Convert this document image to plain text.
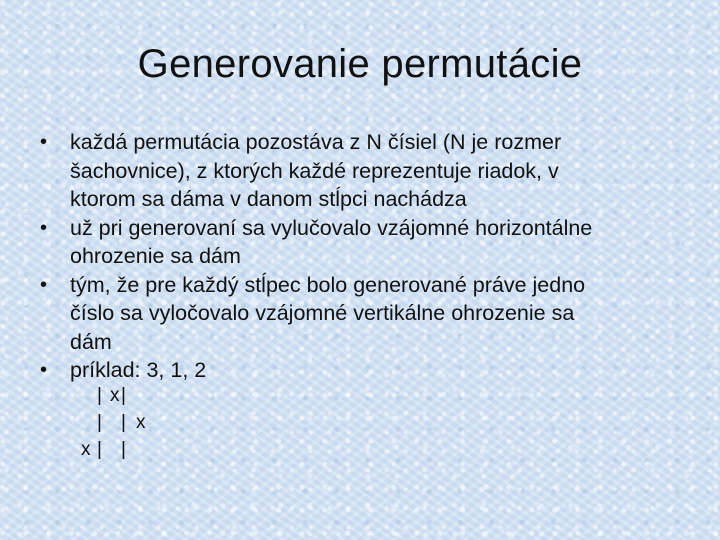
Generovanie permutácie
• každá permutácia pozostáva z N čísiel (N je rozmer
šachovnice), z ktorých každé reprezentuje riadok, v
ktorom sa dáma v danom stĺpci nachádza
• už pri generovaní sa vylučovalo vzájomné horizontálne
ohrozenie sa dám
• tým, že pre každý stĺpec bolo generované práve jedno
číslo sa vyločovalo vzájomné vertikálne ohrozenie sa
dám
• príklad: 3, 1, 2
| x |
| | x
x | |
